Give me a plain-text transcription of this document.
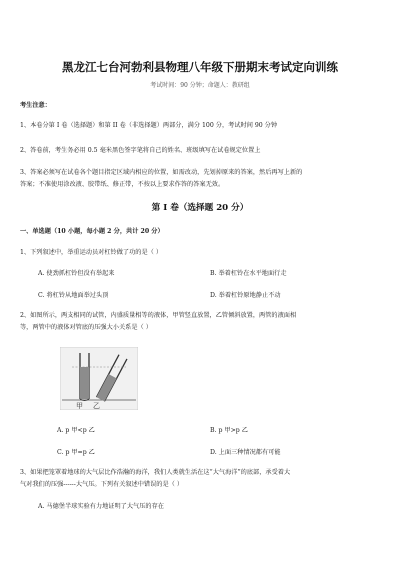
黑龙江七台河勃利县物理八年级下册期末考试定向训练
考试时间：90 分钟；命题人：教研组
考生注意：
1、本卷分第 I 卷（选择题）和第 II 卷（非选择题）两部分，满分 100 分，考试时间 90 分钟
2、答卷前，考生务必用 0.5 毫米黑色签字笔将自己的姓名、班级填写在试卷规定位置上
3、答案必须写在试卷各个题目指定区域内相应的位置，如需改动，先划掉原来的答案，然后再写上新的
答案；不准使用涂改液、胶带纸、修正带，不按以上要求作答的答案无效。
第 I 卷（选择题 20 分）
一、单选题（10 小题，每小题 2 分，共计 20 分）
1、下列叙述中，举重运动员对杠铃做了功的是（ ）
A. 使劲抓杠铃但没有举起来	B. 举着杠铃在水平地面行走
C. 将杠铃从地面举过头顶	D. 举着杠铃原地静止不动
2、如图所示，两支相同的试管，内盛质量相等的液体，甲管竖直放置，乙管倾斜放置，两管的液面相
等，两管中的液体对管底的压强大小关系是（ ）
甲 乙
A. p 甲<p 乙	B. p 甲>p 乙
C. p 甲=p 乙	D. 上面三种情况都有可能
3、如果把笼罩着地球的大气层比作浩瀚的海洋，我们人类就生活在这“大气海洋”的底部，承受着大
气对我们的压强------大气压。下列有关叙述中错误的是（ ）
A. 马德堡半球实验有力地证明了大气压的存在
